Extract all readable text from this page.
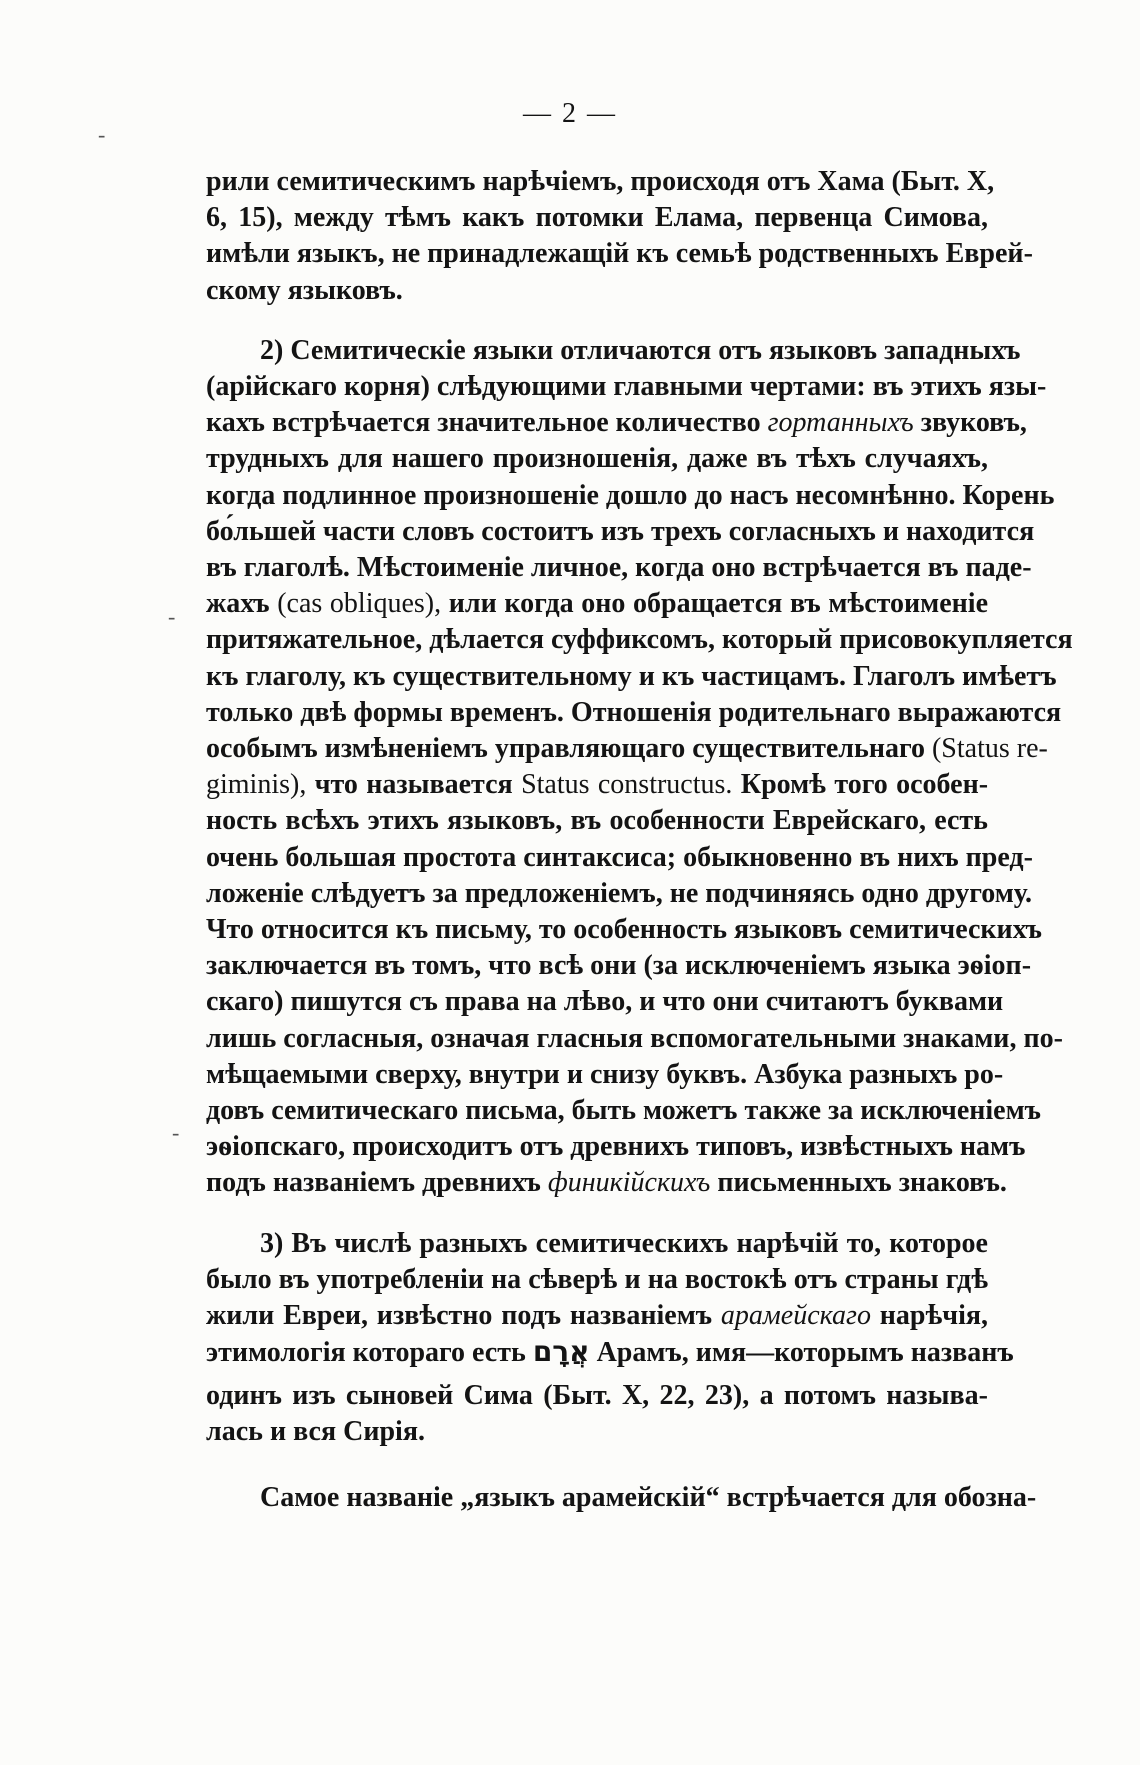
— 2 —
‐
‐
‐
рили семитическимъ нарѣчіемъ, происходя отъ Хама (Быт. X,
6, 15), между тѣмъ какъ потомки Елама, первенца Симова,
имѣли языкъ, не принадлежащій къ семьѣ родственныхъ Еврей-
скому языковъ.
2) Семитическіе языки отличаются отъ языковъ западныхъ
(арійскаго корня) слѣдующими главными чертами: въ этихъ язы-
кахъ встрѣчается значительное количество гортанныхъ звуковъ,
трудныхъ для нашего произношенія, даже въ тѣхъ случаяхъ,
когда подлинное произношеніе дошло до насъ несомнѣнно. Корень
бо́льшей части словъ состоитъ изъ трехъ согласныхъ и находится
въ глаголѣ. Мѣстоименіе личное, когда оно встрѣчается въ паде-
жахъ (cas obliques), или когда оно обращается въ мѣстоименіе
притяжательное, дѣлается суффиксомъ, который присовокупляется
къ глаголу, къ существительному и къ частицамъ. Глаголъ имѣетъ
только двѣ формы временъ. Отношенія родительнаго выражаются
особымъ измѣненіемъ управляющаго существительнаго (Status re-
giminis), что называется Status constructus. Кромѣ того особен-
ность всѣхъ этихъ языковъ, въ особенности Еврейскаго, есть
очень большая простота синтаксиса; обыкновенно въ нихъ пред-
ложеніе слѣдуетъ за предложеніемъ, не подчиняясь одно другому.
Что относится къ письму, то особенность языковъ семитическихъ
заключается въ томъ, что всѣ они (за исключеніемъ языка эѳіоп-
скаго) пишутся съ права на лѣво, и что они считаютъ буквами
лишь согласныя, означая гласныя вспомогательными знаками, по-
мѣщаемыми сверху, внутри и снизу буквъ. Азбука разныхъ ро-
довъ семитическаго письма, быть можетъ также за исключеніемъ
эѳіопскаго, происходитъ отъ древнихъ типовъ, извѣстныхъ намъ
подъ названіемъ древнихъ финикійскихъ письменныхъ знаковъ.
3) Въ числѣ разныхъ семитическихъ нарѣчій то, которое
было въ употребленіи на сѣверѣ и на востокѣ отъ страны гдѣ
жили Евреи, извѣстно подъ названіемъ арамейскаго нарѣчія,
этимологія котораго есть אֲרָם Арамъ, имя—которымъ названъ
одинъ изъ сыновей Сима (Быт. X, 22, 23), а потомъ называ-
лась и вся Сирія.
Самое названіе „языкъ арамейскій“ встрѣчается для обозна-
